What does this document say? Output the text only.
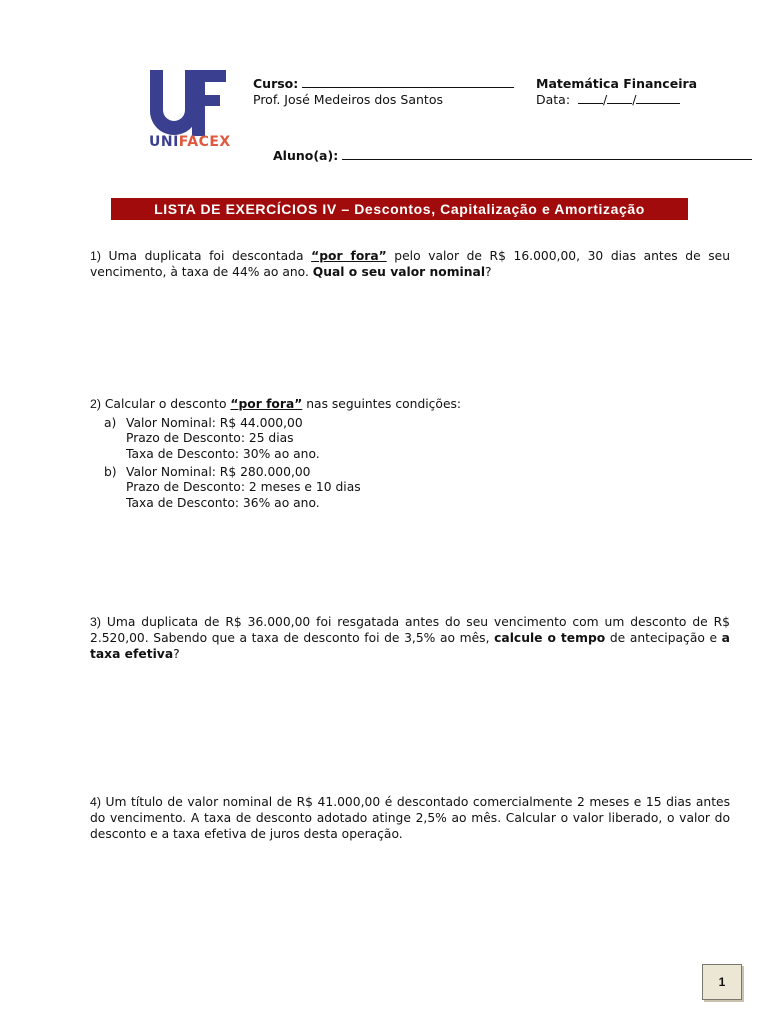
UNIFACEX
Curso:	Matemática Financeira
Prof. José Medeiros dos Santos	Data:	/ /
Aluno(a):
LISTA DE EXERCÍCIOS IV – Descontos, Capitalização e Amortização
1) Uma duplicata foi descontada “por fora” pelo valor de R$ 16.000,00, 30 dias antes de seu vencimento, à taxa de 44% ao ano. Qual o seu valor nominal?
2) Calcular o desconto “por fora” nas seguintes condições:
a) Valor Nominal: R$ 44.000,00
Prazo de Desconto: 25 dias
Taxa de Desconto: 30% ao ano.
b) Valor Nominal: R$ 280.000,00
Prazo de Desconto: 2 meses e 10 dias
Taxa de Desconto: 36% ao ano.
3) Uma duplicata de R$ 36.000,00 foi resgatada antes do seu vencimento com um desconto de R$ 2.520,00. Sabendo que a taxa de desconto foi de 3,5% ao mês, calcule o tempo de antecipação e a taxa efetiva?
4) Um título de valor nominal de R$ 41.000,00 é descontado comercialmente 2 meses e 15 dias antes do vencimento. A taxa de desconto adotado atinge 2,5% ao mês. Calcular o valor liberado, o valor do desconto e a taxa efetiva de juros desta operação.
1
